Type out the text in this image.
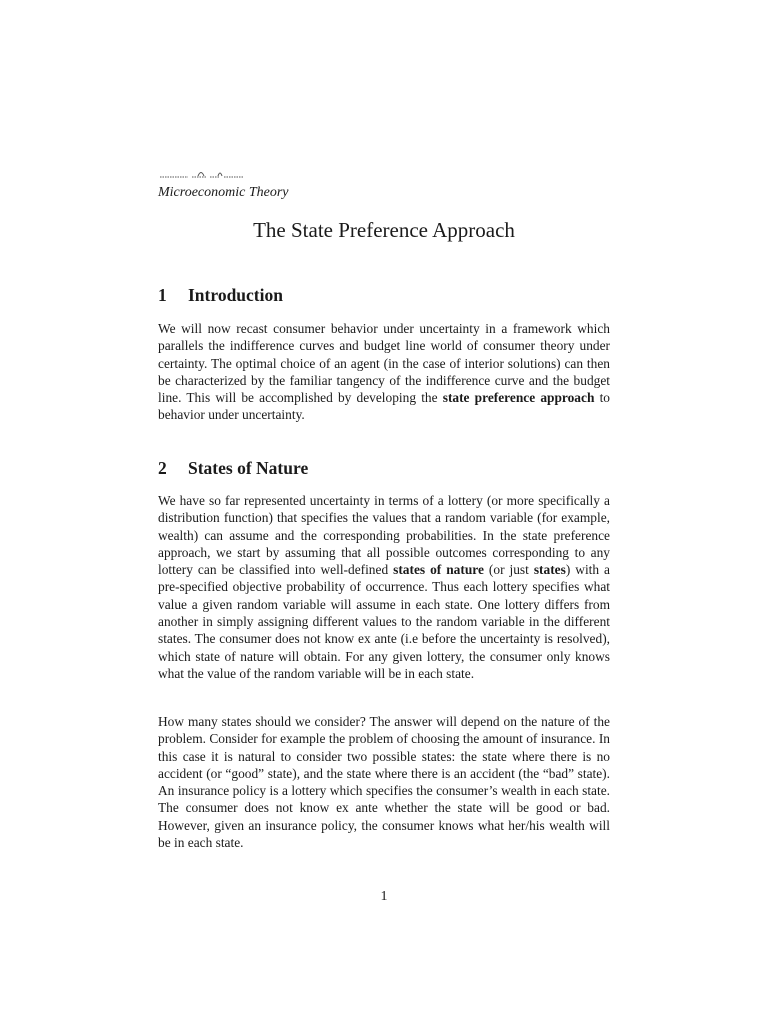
Microeconomic Theory
The State Preference Approach
1 Introduction
We will now recast consumer behavior under uncertainty in a framework which parallels the indifference curves and budget line world of consumer theory under certainty. The optimal choice of an agent (in the case of interior solutions) can then be characterized by the familiar tangency of the indifference curve and the budget line. This will be accomplished by developing the state preference approach to behavior under uncertainty.
2 States of Nature
We have so far represented uncertainty in terms of a lottery (or more specifically a distribution function) that specifies the values that a random variable (for example, wealth) can assume and the corresponding probabilities. In the state preference approach, we start by assuming that all possible outcomes corresponding to any lottery can be classified into well-defined states of nature (or just states) with a pre-specified objective probability of occurrence. Thus each lottery specifies what value a given random variable will assume in each state. One lottery differs from another in simply assigning different values to the random variable in the different states. The consumer does not know ex ante (i.e before the uncertainty is resolved), which state of nature will obtain. For any given lottery, the consumer only knows what the value of the random variable will be in each state.
How many states should we consider? The answer will depend on the nature of the problem. Consider for example the problem of choosing the amount of insurance. In this case it is natural to consider two possible states: the state where there is no accident (or “good” state), and the state where there is an accident (the “bad” state). An insurance policy is a lottery which specifies the consumer’s wealth in each state. The consumer does not know ex ante whether the state will be good or bad. However, given an insurance policy, the consumer knows what her/his wealth will be in each state.
1
